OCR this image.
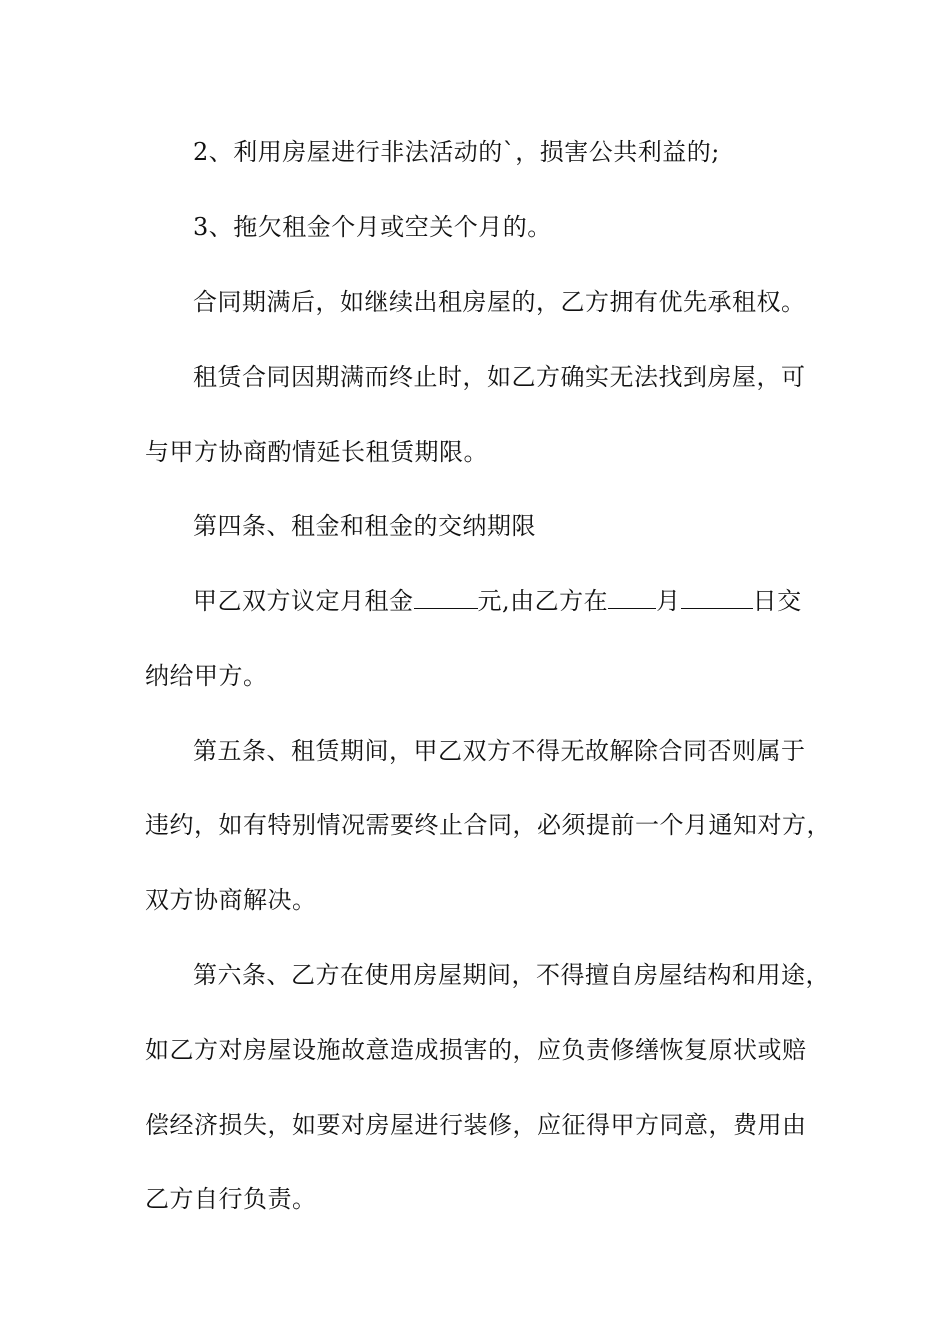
2、利用房屋进行非法活动的`，损害公共利益的;
3、拖欠租金个月或空关个月的。
合同期满后，如继续出租房屋的，乙方拥有优先承租权。
租赁合同因期满而终止时，如乙方确实无法找到房屋，可
与甲方协商酌情延长租赁期限。
第四条、租金和租金的交纳期限
甲乙双方议定月租金	元,由乙方在 月	日交
纳给甲方。
第五条、租赁期间，甲乙双方不得无故解除合同否则属于
违约，如有特别情况需要终止合同，必须提前一个月通知对方，
双方协商解决。
第六条、乙方在使用房屋期间，不得擅自房屋结构和用途，
如乙方对房屋设施故意造成损害的，应负责修缮恢复原状或赔
偿经济损失，如要对房屋进行装修，应征得甲方同意，费用由
乙方自行负责。
